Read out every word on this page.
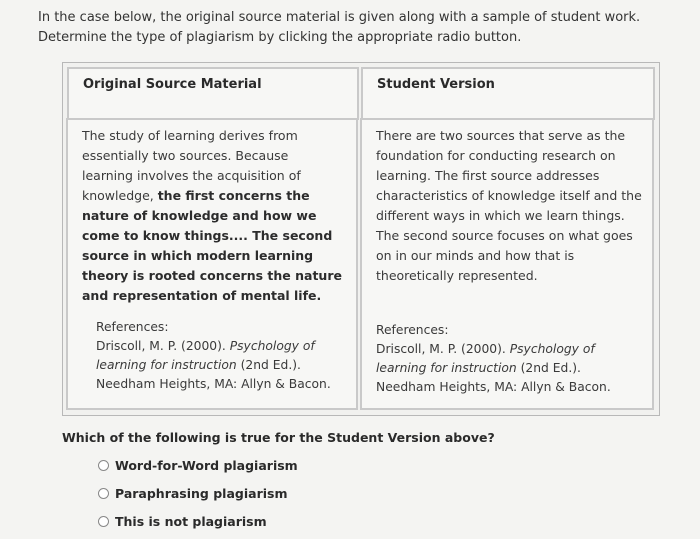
In the case below, the original source material is given along with a sample of student work.
Determine the type of plagiarism by clicking the appropriate radio button.
Original Source Material	Student Version
The study of learning derives from essentially two sources. Because learning involves the acquisition of knowledge, the first concerns the nature of knowledge and how we come to know things.... The second source in which modern learning theory is rooted concerns the nature and representation of mental life.
References:
Driscoll, M. P. (2000). Psychology of
learning for instruction (2nd Ed.).
Needham Heights, MA: Allyn & Bacon.
There are two sources that serve as the foundation for conducting research on learning. The first source addresses characteristics of knowledge itself and the different ways in which we learn things. The second source focuses on what goes on in our minds and how that is theoretically represented.
References:
Driscoll, M. P. (2000). Psychology of
learning for instruction (2nd Ed.).
Needham Heights, MA: Allyn & Bacon.
Which of the following is true for the Student Version above?
Word-for-Word plagiarism
Paraphrasing plagiarism
This is not plagiarism
